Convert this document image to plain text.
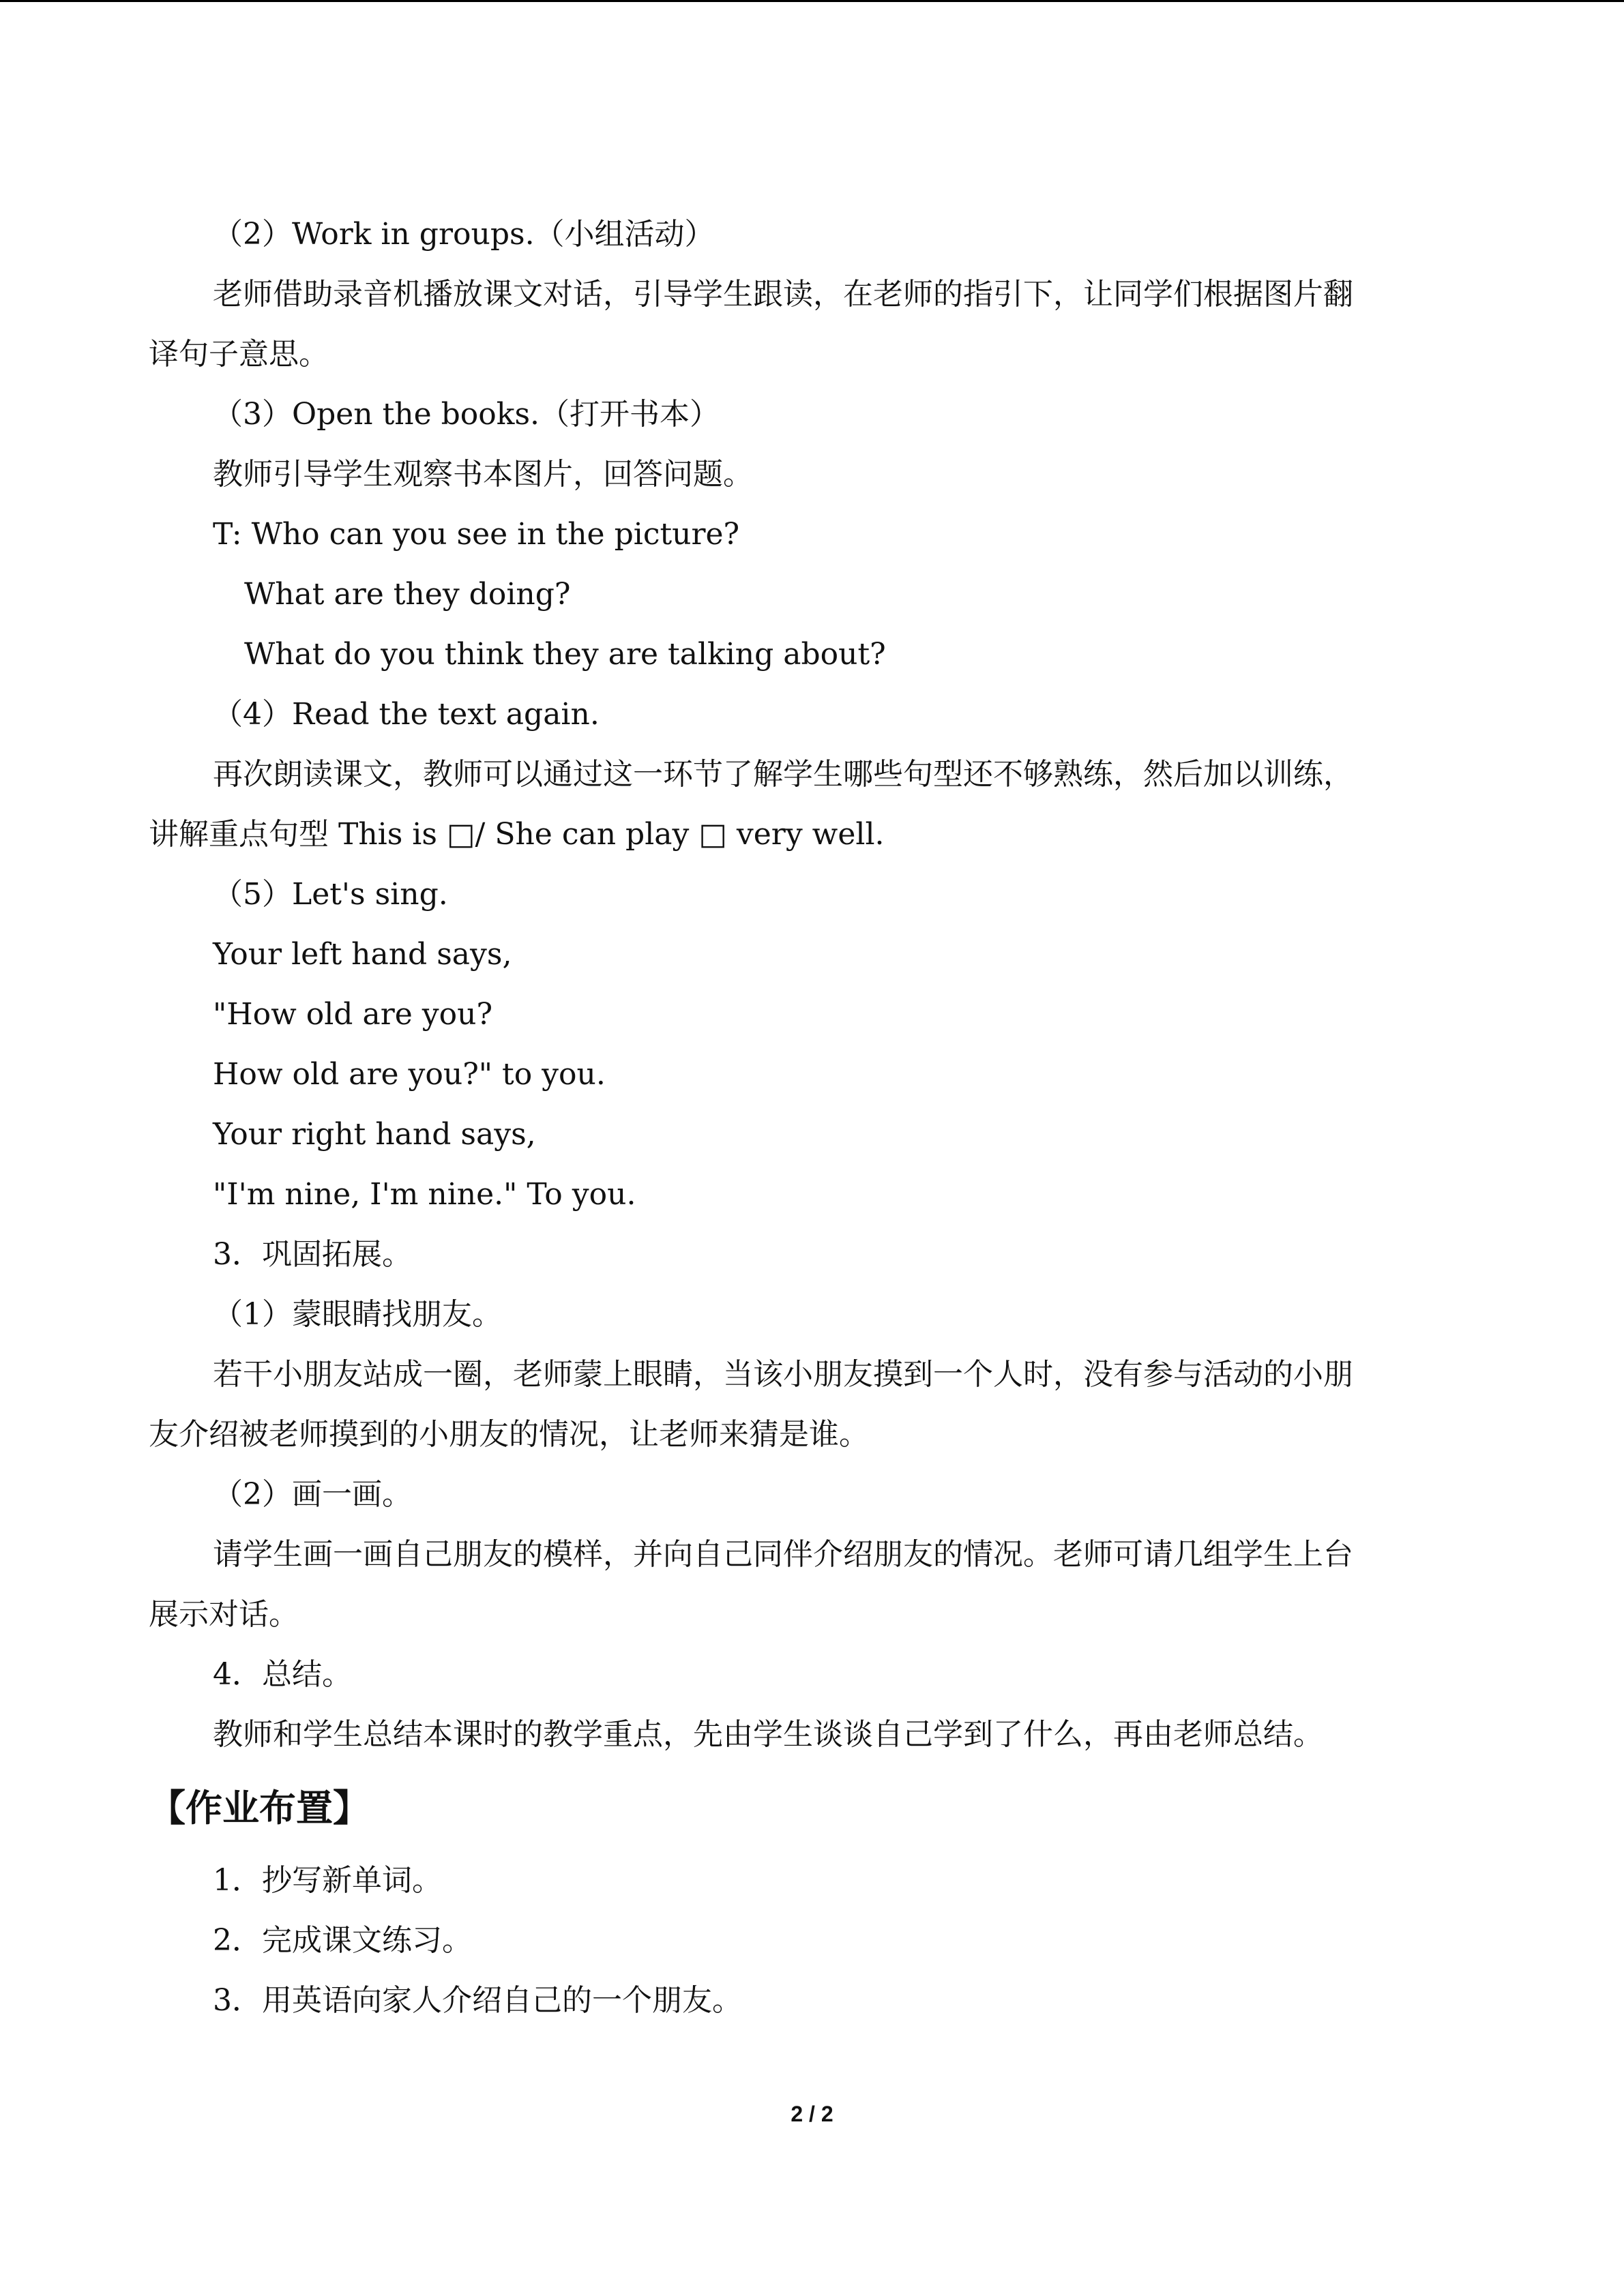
（2）Work in groups.（小组活动）
老师借助录音机播放课文对话，引导学生跟读，在老师的指引下，让同学们根据图片翻
译句子意思。
（3）Open the books.（打开书本）
教师引导学生观察书本图片，回答问题。
T: Who can you see in the picture?
What are they doing?
What do you think they are talking about?
（4）Read the text again.
再次朗读课文，教师可以通过这一环节了解学生哪些句型还不够熟练，然后加以训练，
讲解重点句型 This is □/ She can play □ very well.
（5）Let's sing.
Your left hand says,
"How old are you?
How old are you?" to you.
Your right hand says,
"I'm nine, I'm nine." To you.
3．巩固拓展。
（1）蒙眼睛找朋友。
若干小朋友站成一圈，老师蒙上眼睛，当该小朋友摸到一个人时，没有参与活动的小朋
友介绍被老师摸到的小朋友的情况，让老师来猜是谁。
（2）画一画。
请学生画一画自己朋友的模样，并向自己同伴介绍朋友的情况。老师可请几组学生上台
展示对话。
4．总结。
教师和学生总结本课时的教学重点，先由学生谈谈自己学到了什么，再由老师总结。
【作业布置】
1．抄写新单词。
2．完成课文练习。
3．用英语向家人介绍自己的一个朋友。
2 / 2
